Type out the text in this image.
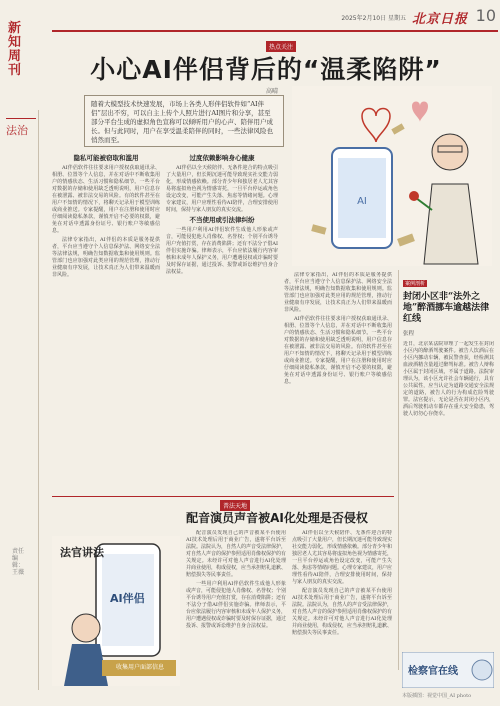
2025年2月10日 星期五 北京日报 10
新知周刊
法治
责任编辑：王薇
热点关注
小心AI伴侣背后的“温柔陷阱”
高晴
随着大模型技术快速发展，市场上各类人形伴侣软件如“AI伴侣”层出不穷，可以自主上传个人照片进行AI图片和分享，甚至部分平台生成的虚拟角色宣称可以倾听用户的心声、陪伴用户成长。但与此同时，用户在享受温柔陪伴的同时，一些法律风险也悄然而至。
AI
隐私可能被窃取和滥用

AI伴侣软件往往要求用户授权获取通讯录、相册、位置等个人信息，并在对话中不断收集用户的情感状态、生活习惯和隐私细节。一些平台对数据的存储和使用缺乏透明说明，用户信息存在被泄露、被非法交易的风险。有的软件甚至在用户不知情的情况下，将聊天记录用于模型训练或商业推送。专家提醒，用户在注册和使用时应仔细阅读隐私条款，谨慎开启不必要的权限，避免在对话中透露身份证号、银行账户等敏感信息。

法律专家指出，AI伴侣的本质是服务提供者，平台应当遵守个人信息保护法、网络安全法等法律法规，明确告知数据收集和使用规则。监管部门也应加强对此类应用的规范管理，推动行业健康有序发展，让技术真正为人们带来温暖而非风险。

过度依赖影响身心健康

AI伴侣以全天候陪伴、无条件迎合的特点吸引了大量用户，但长期沉迷可能导致现实社交能力弱化，形成情感依赖。部分青少年和独居老人尤其容易将虚拟角色视为情感寄托，一旦平台停运或角色设定改变，可能产生失落、焦虑等情绪问题。心理专家建议，用户应理性看待AI陪伴，合理安排使用时间，保持与家人朋友的真实交流。

不当使用或引法律纠纷

一些用户利用AI伴侣软件生成他人形象或声音，可能侵犯他人肖像权、名誉权；个别平台诱导用户充值打赏，存在消费陷阱；还有不法分子借AI伴侣实施诈骗。律师表示，平台应依法履行内容审核和未成年人保护义务，用户遭遇侵权或诈骗时要及时保存证据，通过投诉、报警或诉讼维护自身合法权益。	法律专家指出，AI伴侣的本质是服务提供者，平台应当遵守个人信息保护法、网络安全法等法律法规，明确告知数据收集和使用规则。监管部门也应加强对此类应用的规范管理，推动行业健康有序发展，让技术真正为人们带来温暖而非风险。

AI伴侣软件往往要求用户授权获取通讯录、相册、位置等个人信息，并在对话中不断收集用户的情感状态、生活习惯和隐私细节。一些平台对数据的存储和使用缺乏透明说明，用户信息存在被泄露、被非法交易的风险。有的软件甚至在用户不知情的情况下，将聊天记录用于模型训练或商业推送。专家提醒，用户在注册和使用时应仔细阅读隐私条款，谨慎开启不必要的权限，避免在对话中透露身份证号、银行账户等敏感信息。

案例剖析
封闭小区非“法外之地”醉酒挪车逾越法律红线
张程
近日，北京某法院审理了一起发生在封闭小区内的醉酒驾驶案件。被告人饮酒后在小区内挪动车辆，被民警查获，经检测其血液酒精含量超过醉驾标准。被告人辩称小区属于封闭区域，不属于道路。法院审理认为，该小区允许社会车辆通行，具有公共属性，应当认定为道路交通安全法规定的道路，被告人的行为构成危险驾驶罪。法官提示，无论是否在封闭小区内，酒后驾驶机动车都存在重大安全隐患，驾驶人切勿心存侥幸。
检察官在线
普法天地
配音演员声音被AI化处理是否侵权
法官讲法
AI伴侣
收集用户面部信息

配音演员发现自己的声音被某平台使用AI技术处理后用于商业广告，遂将平台诉至法院。法院认为，自然人的声音受法律保护，对自然人声音的保护参照适用肖像权保护的有关规定。未经许可对他人声音进行AI化处理并商业使用，构成侵权，应当承担赔礼道歉、赔偿损失等民事责任。

一些用户利用AI伴侣软件生成他人形象或声音，可能侵犯他人肖像权、名誉权；个别平台诱导用户充值打赏，存在消费陷阱；还有不法分子借AI伴侣实施诈骗。律师表示，平台应依法履行内容审核和未成年人保护义务，用户遭遇侵权或诈骗时要及时保存证据，通过投诉、报警或诉讼维护自身合法权益。

AI伴侣以全天候陪伴、无条件迎合的特点吸引了大量用户，但长期沉迷可能导致现实社交能力弱化，形成情感依赖。部分青少年和独居老人尤其容易将虚拟角色视为情感寄托，一旦平台停运或角色设定改变，可能产生失落、焦虑等情绪问题。心理专家建议，用户应理性看待AI陪伴，合理安排使用时间，保持与家人朋友的真实交流。

配音演员发现自己的声音被某平台使用AI技术处理后用于商业广告，遂将平台诉至法院。法院认为，自然人的声音受法律保护，对自然人声音的保护参照适用肖像权保护的有关规定。未经许可对他人声音进行AI化处理并商业使用，构成侵权，应当承担赔礼道歉、赔偿损失等民事责任。

本版插图：视觉中国_AI photo
